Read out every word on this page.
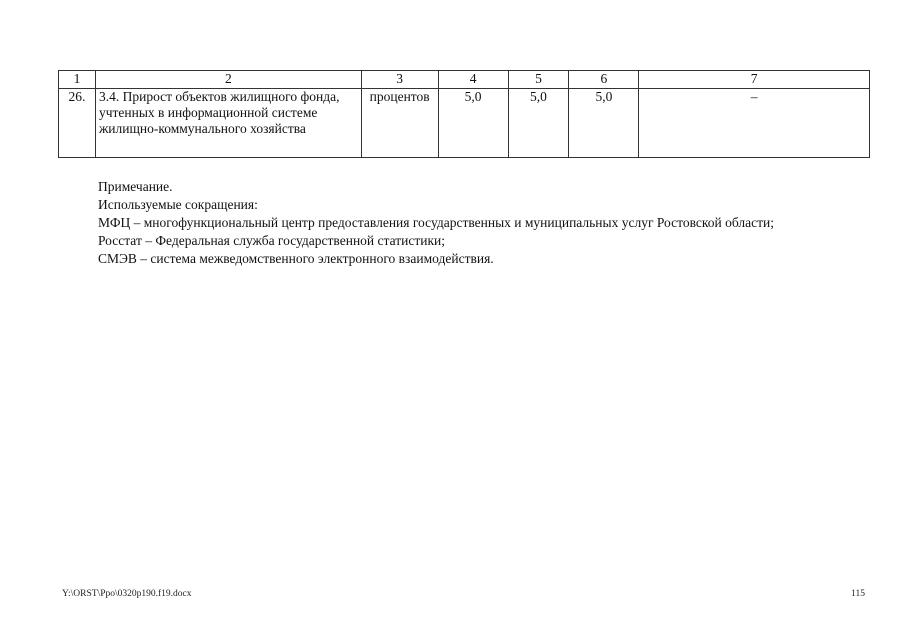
1	2	3	4	5	6	7
26.	3.4. Прирост объектов жилищного фонда, учтенных в информационной системе жилищно-коммунального хозяйства	процентов	5,0	5,0	5,0	–

Примечание.

Используемые сокращения:

МФЦ – многофункциональный центр предоставления государственных и муниципальных услуг Ростовской области;

Росстат – Федеральная служба государственной статистики;

СМЭВ – система межведомственного электронного взаимодействия.

Y:\ORST\Ppo\0320p190.f19.docx	115
